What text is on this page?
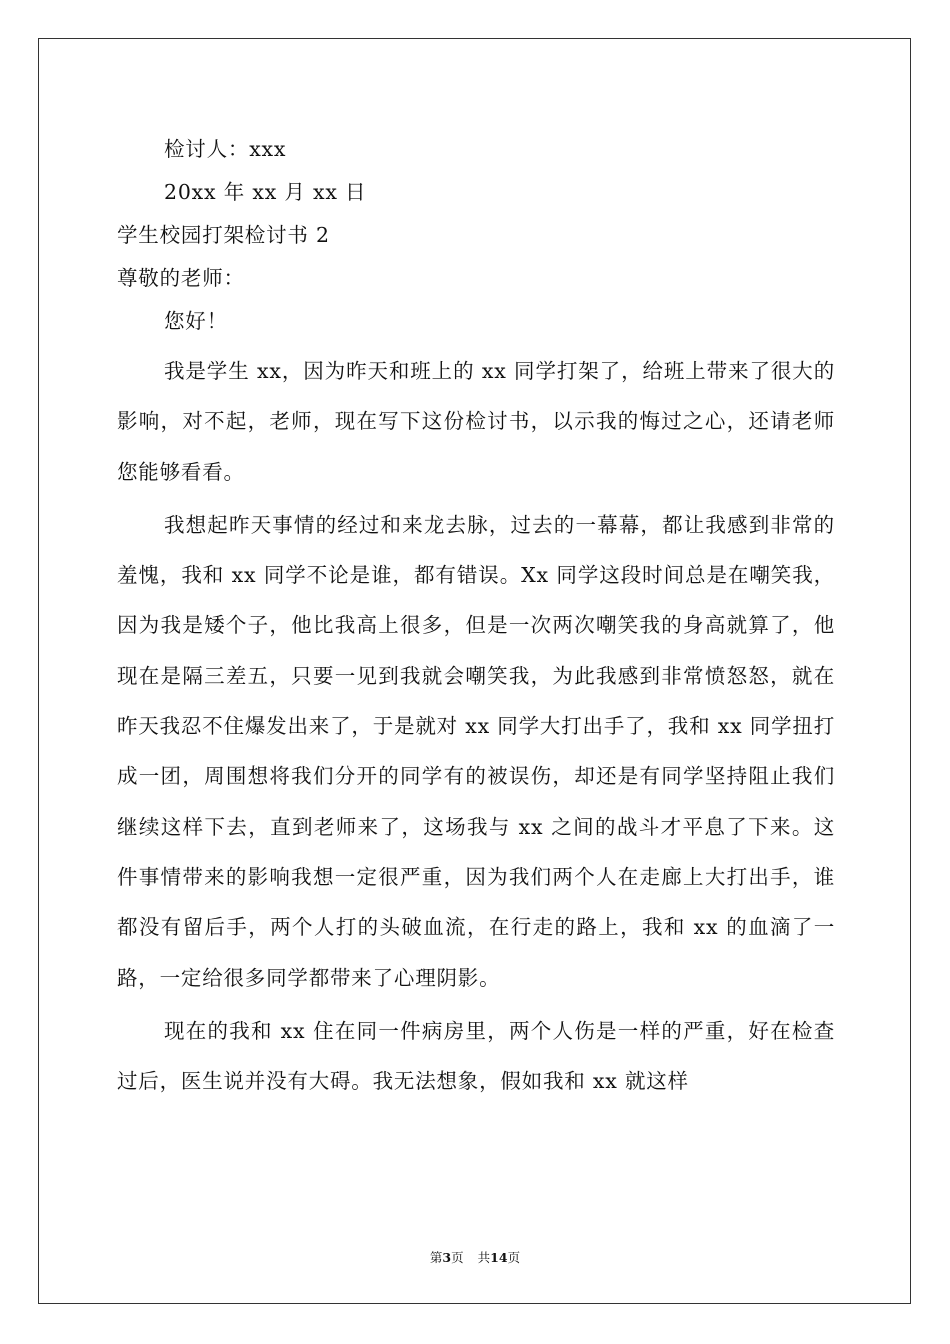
检讨人：xxx
20xx 年 xx 月 xx 日
学生校园打架检讨书 2
尊敬的老师：
您好！

我是学生 xx，因为昨天和班上的 xx 同学打架了，给班上带来了很大的影响，对不起，老师，现在写下这份检讨书，以示我的悔过之心，还请老师您能够看看。

我想起昨天事情的经过和来龙去脉，过去的一幕幕，都让我感到非常的羞愧，我和 xx 同学不论是谁，都有错误。Xx 同学这段时间总是在嘲笑我，因为我是矮个子，他比我高上很多，但是一次两次嘲笑我的身高就算了，他现在是隔三差五，只要一见到我就会嘲笑我，为此我感到非常愤怒怒，就在昨天我忍不住爆发出来了，于是就对 xx 同学大打出手了，我和 xx 同学扭打成一团，周围想将我们分开的同学有的被误伤，却还是有同学坚持阻止我们继续这样下去，直到老师来了，这场我与 xx 之间的战斗才平息了下来。这件事情带来的影响我想一定很严重，因为我们两个人在走廊上大打出手，谁都没有留后手，两个人打的头破血流，在行走的路上，我和 xx 的血滴了一路，一定给很多同学都带来了心理阴影。

现在的我和 xx 住在同一件病房里，两个人伤是一样的严重，好在检查过后，医生说并没有大碍。我无法想象，假如我和 xx 就这样

第3页 共14页
